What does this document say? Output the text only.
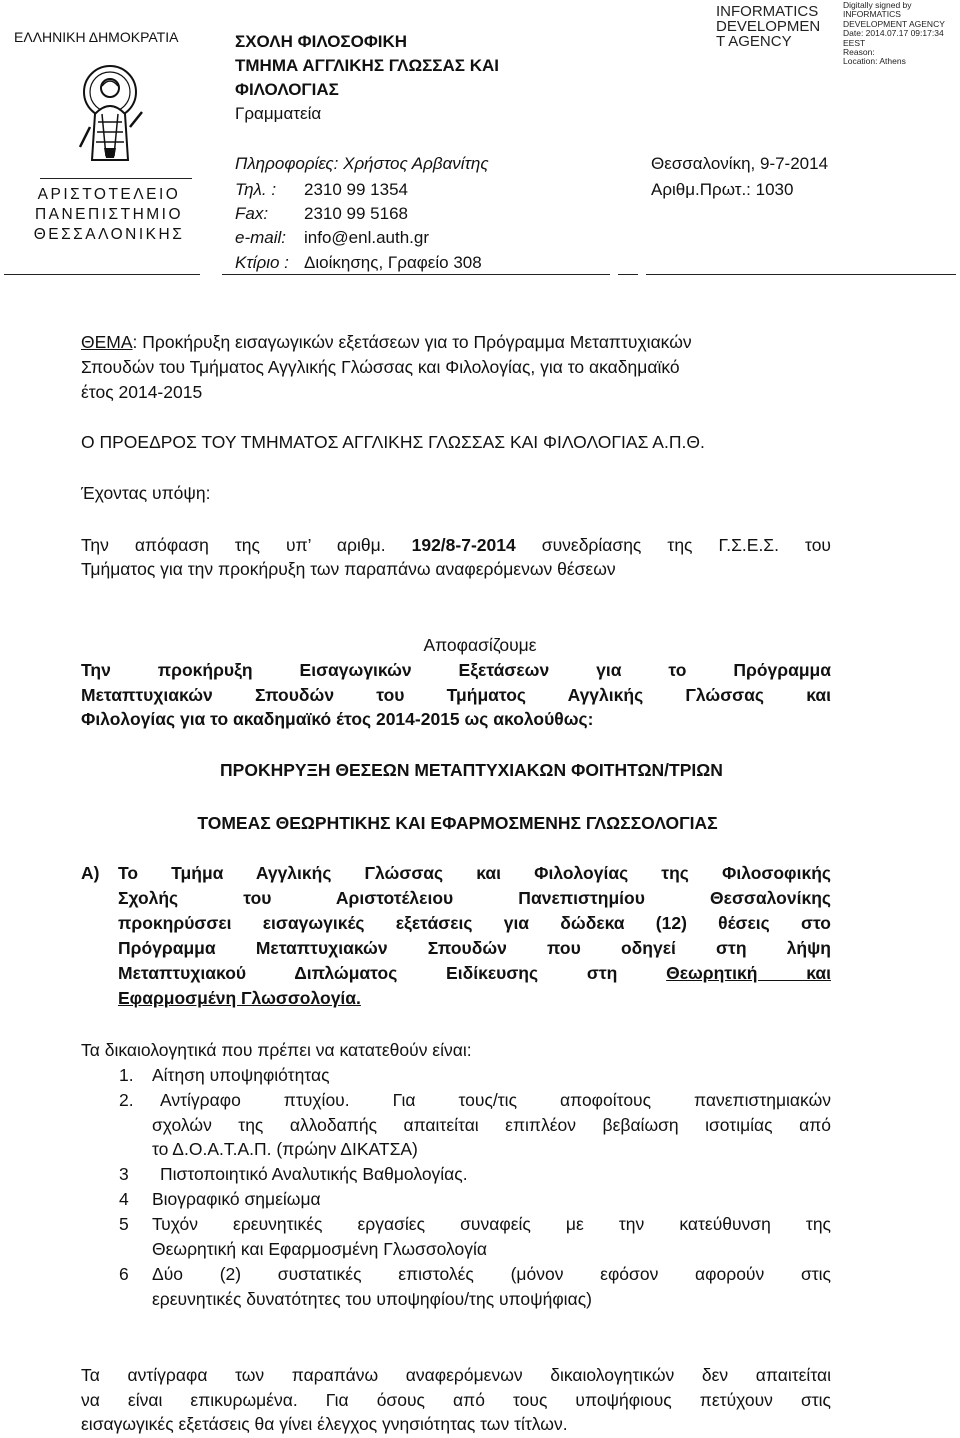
ΕΛΛΗΝΙΚΗ ΔΗΜΟΚΡΑΤΙΑ
ΑΡΙΣΤΟΤΕΛΕΙΟ
ΠΑΝΕΠΙΣΤΗΜΙΟ
ΘΕΣΣΑΛΟΝΙΚΗΣ
ΣΧΟΛΗ ΦΙΛΟΣΟΦΙΚΗ
ΤΜΗΜΑ ΑΓΓΛΙΚΗΣ ΓΛΩΣΣΑΣ ΚΑΙ
ΦΙΛΟΛΟΓΙΑΣ
Γραμματεία
INFORMATICS
DEVELOPMEN
T AGENCY
Digitally signed by
INFORMATICS
DEVELOPMENT AGENCY
Date: 2014.07.17 09:17:34
EEST
Reason:
Location: Athens
Πληροφορίες: Χρήστος Αρβανίτης
Τηλ. : 2310 99 1354
Fax: 2310 99 5168
e-mail: info@enl.auth.gr
Κτίριο : Διοίκησης, Γραφείο 308
Θεσσαλονίκη, 9-7-2014
Αριθμ.Πρωτ.: 1030
ΘΕΜΑ: Προκήρυξη εισαγωγικών εξετάσεων για το Πρόγραμμα Μεταπτυχιακών
Σπουδών του Τμήματος Αγγλικής Γλώσσας και Φιλολογίας, για το ακαδημαϊκό
έτος 2014-2015
Ο ΠΡΟΕΔΡΟΣ ΤΟΥ ΤΜΗΜΑΤΟΣ ΑΓΓΛΙΚΗΣ ΓΛΩΣΣΑΣ ΚΑΙ ΦΙΛΟΛΟΓΙΑΣ Α.Π.Θ.
Έχοντας υπόψη:
Την απόφαση της υπ’ αριθμ. 192/8-7-2014 συνεδρίασης της Γ.Σ.Ε.Σ. του
Τμήματος για την προκήρυξη των παραπάνω αναφερόμενων θέσεων
Αποφασίζουμε
Την προκήρυξη Εισαγωγικών Εξετάσεων για το Πρόγραμμα
Μεταπτυχιακών Σπουδών του Τμήματος Αγγλικής Γλώσσας και
Φιλολογίας για το ακαδημαϊκό έτος 2014-2015 ως ακολούθως:
ΠΡΟΚΗΡΥΞΗ ΘΕΣΕΩΝ ΜΕΤΑΠΤΥΧΙΑΚΩΝ ΦΟΙΤΗΤΩΝ/ΤΡΙΩΝ
ΤΟΜΕΑΣ ΘΕΩΡΗΤΙΚΗΣ ΚΑΙ ΕΦΑΡΜΟΣΜΕΝΗΣ ΓΛΩΣΣΟΛΟΓΙΑΣ
Α) Το Τμήμα Αγγλικής Γλώσσας και Φιλολογίας της Φιλοσοφικής
Σχολής του Αριστοτέλειου Πανεπιστημίου Θεσσαλονίκης
προκηρύσσει εισαγωγικές εξετάσεις για δώδεκα (12) θέσεις στο
Πρόγραμμα Μεταπτυχιακών Σπουδών που οδηγεί στη λήψη
Μεταπτυχιακού Διπλώματος Ειδίκευσης στη Θεωρητική και
Εφαρμοσμένη Γλωσσολογία.
Τα δικαιολογητικά που πρέπει να κατατεθούν είναι:
1. Αίτηση υποψηφιότητας
2. Αντίγραφο πτυχίου. Για τους/τις αποφοίτους πανεπιστημιακών
σχολών της αλλοδαπής απαιτείται επιπλέον βεβαίωση ισοτιμίας από
το Δ.Ο.Α.Τ.Α.Π. (πρώην ΔΙΚΑΤΣΑ)
3 Πιστοποιητικό Αναλυτικής Βαθμολογίας.
4 Βιογραφικό σημείωμα
5 Τυχόν ερευνητικές εργασίες συναφείς με την κατεύθυνση της
Θεωρητική και Εφαρμοσμένη Γλωσσολογία
6 Δύο (2) συστατικές επιστολές (μόνον εφόσον αφορούν στις
ερευνητικές δυνατότητες του υποψηφίου/της υποψήφιας)
Τα αντίγραφα των παραπάνω αναφερόμενων δικαιολογητικών δεν απαιτείται
να είναι επικυρωμένα. Για όσους από τους υποψήφιους πετύχουν στις
εισαγωγικές εξετάσεις θα γίνει έλεγχος γνησιότητας των τίτλων.
